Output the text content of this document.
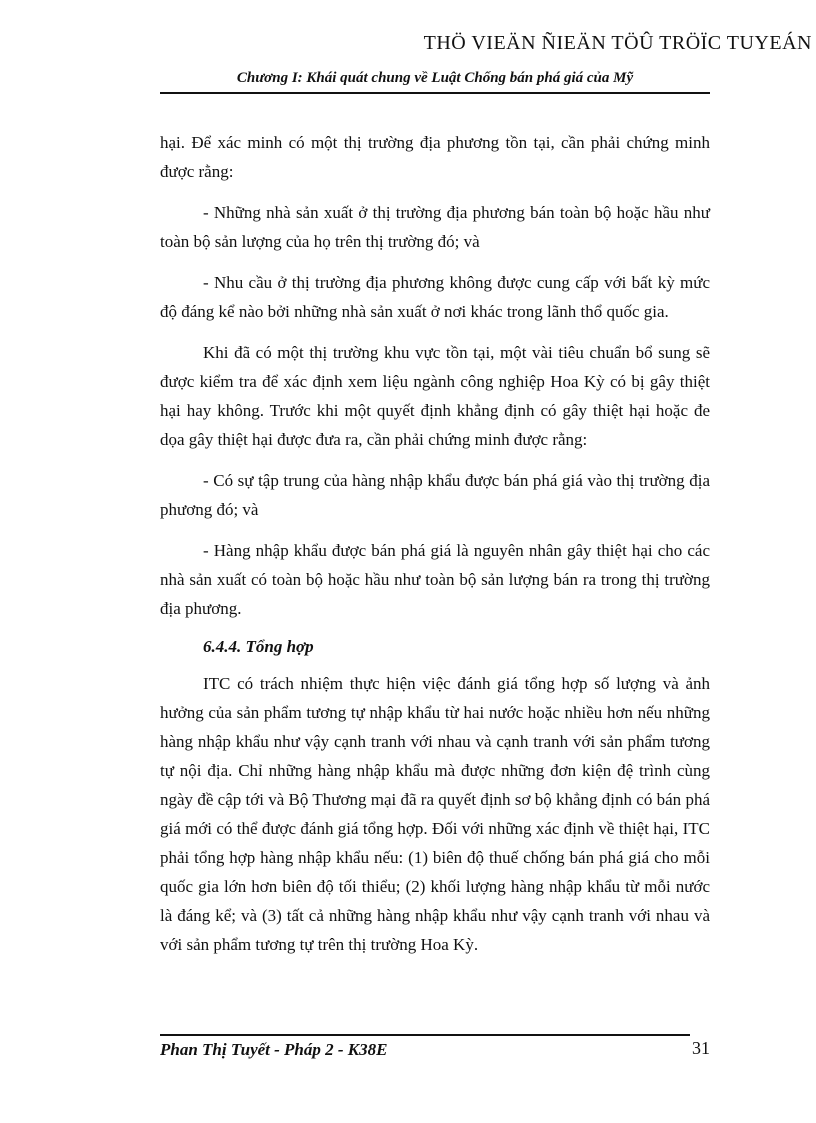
THÖ VIEÄN ÑIEÄN TÖÛ TRÖÏC TUYEÁN
Chương I: Khái quát chung về Luật Chống bán phá giá của Mỹ

hại. Để xác minh có một thị trường địa phương tồn tại, cần phải chứng minh được rằng:

- Những nhà sản xuất ở thị trường địa phương bán toàn bộ hoặc hầu như toàn bộ sản lượng của họ trên thị trường đó; và

- Nhu cầu ở thị trường địa phương không được cung cấp với bất kỳ mức độ đáng kể nào bởi những nhà sản xuất ở nơi khác trong lãnh thổ quốc gia.

Khi đã có một thị trường khu vực tồn tại, một vài tiêu chuẩn bổ sung sẽ được kiểm tra để xác định xem liệu ngành công nghiệp Hoa Kỳ có bị gây thiệt hại hay không. Trước khi một quyết định khẳng định có gây thiệt hại hoặc đe dọa gây thiệt hại được đưa ra, cần phải chứng minh được rằng:

- Có sự tập trung của hàng nhập khẩu được bán phá giá vào thị trường địa phương đó; và

- Hàng nhập khẩu được bán phá giá là nguyên nhân gây thiệt hại cho các nhà sản xuất có toàn bộ hoặc hầu như toàn bộ sản lượng bán ra trong thị trường địa phương.

6.4.4. Tổng hợp

ITC có trách nhiệm thực hiện việc đánh giá tổng hợp số lượng và ảnh hưởng của sản phẩm tương tự nhập khẩu từ hai nước hoặc nhiều hơn nếu những hàng nhập khẩu như vậy cạnh tranh với nhau và cạnh tranh với sản phẩm tương tự nội địa. Chỉ những hàng nhập khẩu mà được những đơn kiện đệ trình cùng ngày đề cập tới và Bộ Thương mại đã ra quyết định sơ bộ khẳng định có bán phá giá mới có thể được đánh giá tổng hợp. Đối với những xác định về thiệt hại, ITC phải tổng hợp hàng nhập khẩu nếu: (1) biên độ thuế chống bán phá giá cho mỗi quốc gia lớn hơn biên độ tối thiểu; (2) khối lượng hàng nhập khẩu từ mỗi nước là đáng kể; và (3) tất cả những hàng nhập khẩu như vậy cạnh tranh với nhau và với sản phẩm tương tự trên thị trường Hoa Kỳ.

Phan Thị Tuyết - Pháp 2 - K38E	31
